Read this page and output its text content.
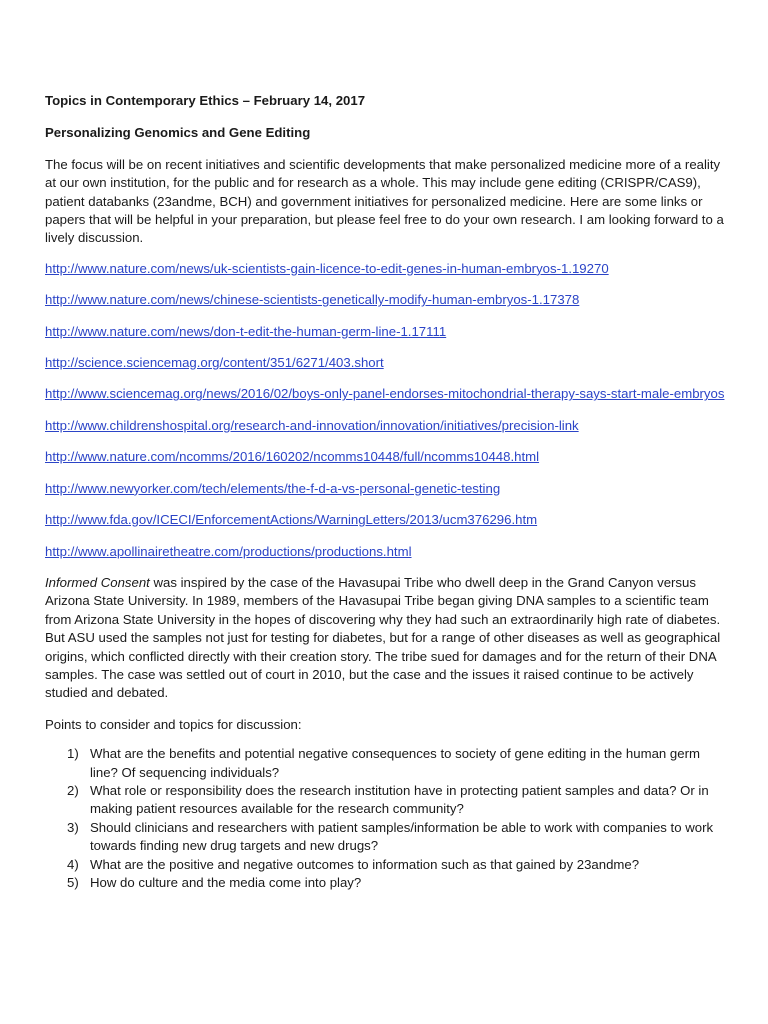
Topics in Contemporary Ethics – February 14, 2017
Personalizing Genomics and Gene Editing

The focus will be on recent initiatives and scientific developments that make personalized medicine more of a reality at our own institution, for the public and for research as a whole. This may include gene editing (CRISPR/CAS9), patient databanks (23andme, BCH) and government initiatives for personalized medicine. Here are some links or papers that will be helpful in your preparation, but please feel free to do your own research. I am looking forward to a lively discussion.

http://www.nature.com/news/uk-scientists-gain-licence-to-edit-genes-in-human-embryos-1.19270
http://www.nature.com/news/chinese-scientists-genetically-modify-human-embryos-1.17378
http://www.nature.com/news/don-t-edit-the-human-germ-line-1.17111
http://science.sciencemag.org/content/351/6271/403.short
http://www.sciencemag.org/news/2016/02/boys-only-panel-endorses-mitochondrial-therapy-says-start-male-embryos
http://www.childrenshospital.org/research-and-innovation/innovation/initiatives/precision-link
http://www.nature.com/ncomms/2016/160202/ncomms10448/full/ncomms10448.html
http://www.newyorker.com/tech/elements/the-f-d-a-vs-personal-genetic-testing
http://www.fda.gov/ICECI/EnforcementActions/WarningLetters/2013/ucm376296.htm
http://www.apollinairetheatre.com/productions/productions.html

Informed Consent was inspired by the case of the Havasupai Tribe who dwell deep in the Grand Canyon versus Arizona State University. In 1989, members of the Havasupai Tribe began giving DNA samples to a scientific team from Arizona State University in the hopes of discovering why they had such an extraordinarily high rate of diabetes. But ASU used the samples not just for testing for diabetes, but for a range of other diseases as well as geographical origins, which conflicted directly with their creation story. The tribe sued for damages and for the return of their DNA samples. The case was settled out of court in 2010, but the case and the issues it raised continue to be actively studied and debated.

Points to consider and topics for discussion:

1) What are the benefits and potential negative consequences to society of gene editing in the human germ line? Of sequencing individuals?
2) What role or responsibility does the research institution have in protecting patient samples and data? Or in making patient resources available for the research community?
3) Should clinicians and researchers with patient samples/information be able to work with companies to work towards finding new drug targets and new drugs?
4) What are the positive and negative outcomes to information such as that gained by 23andme?
5) How do culture and the media come into play?
